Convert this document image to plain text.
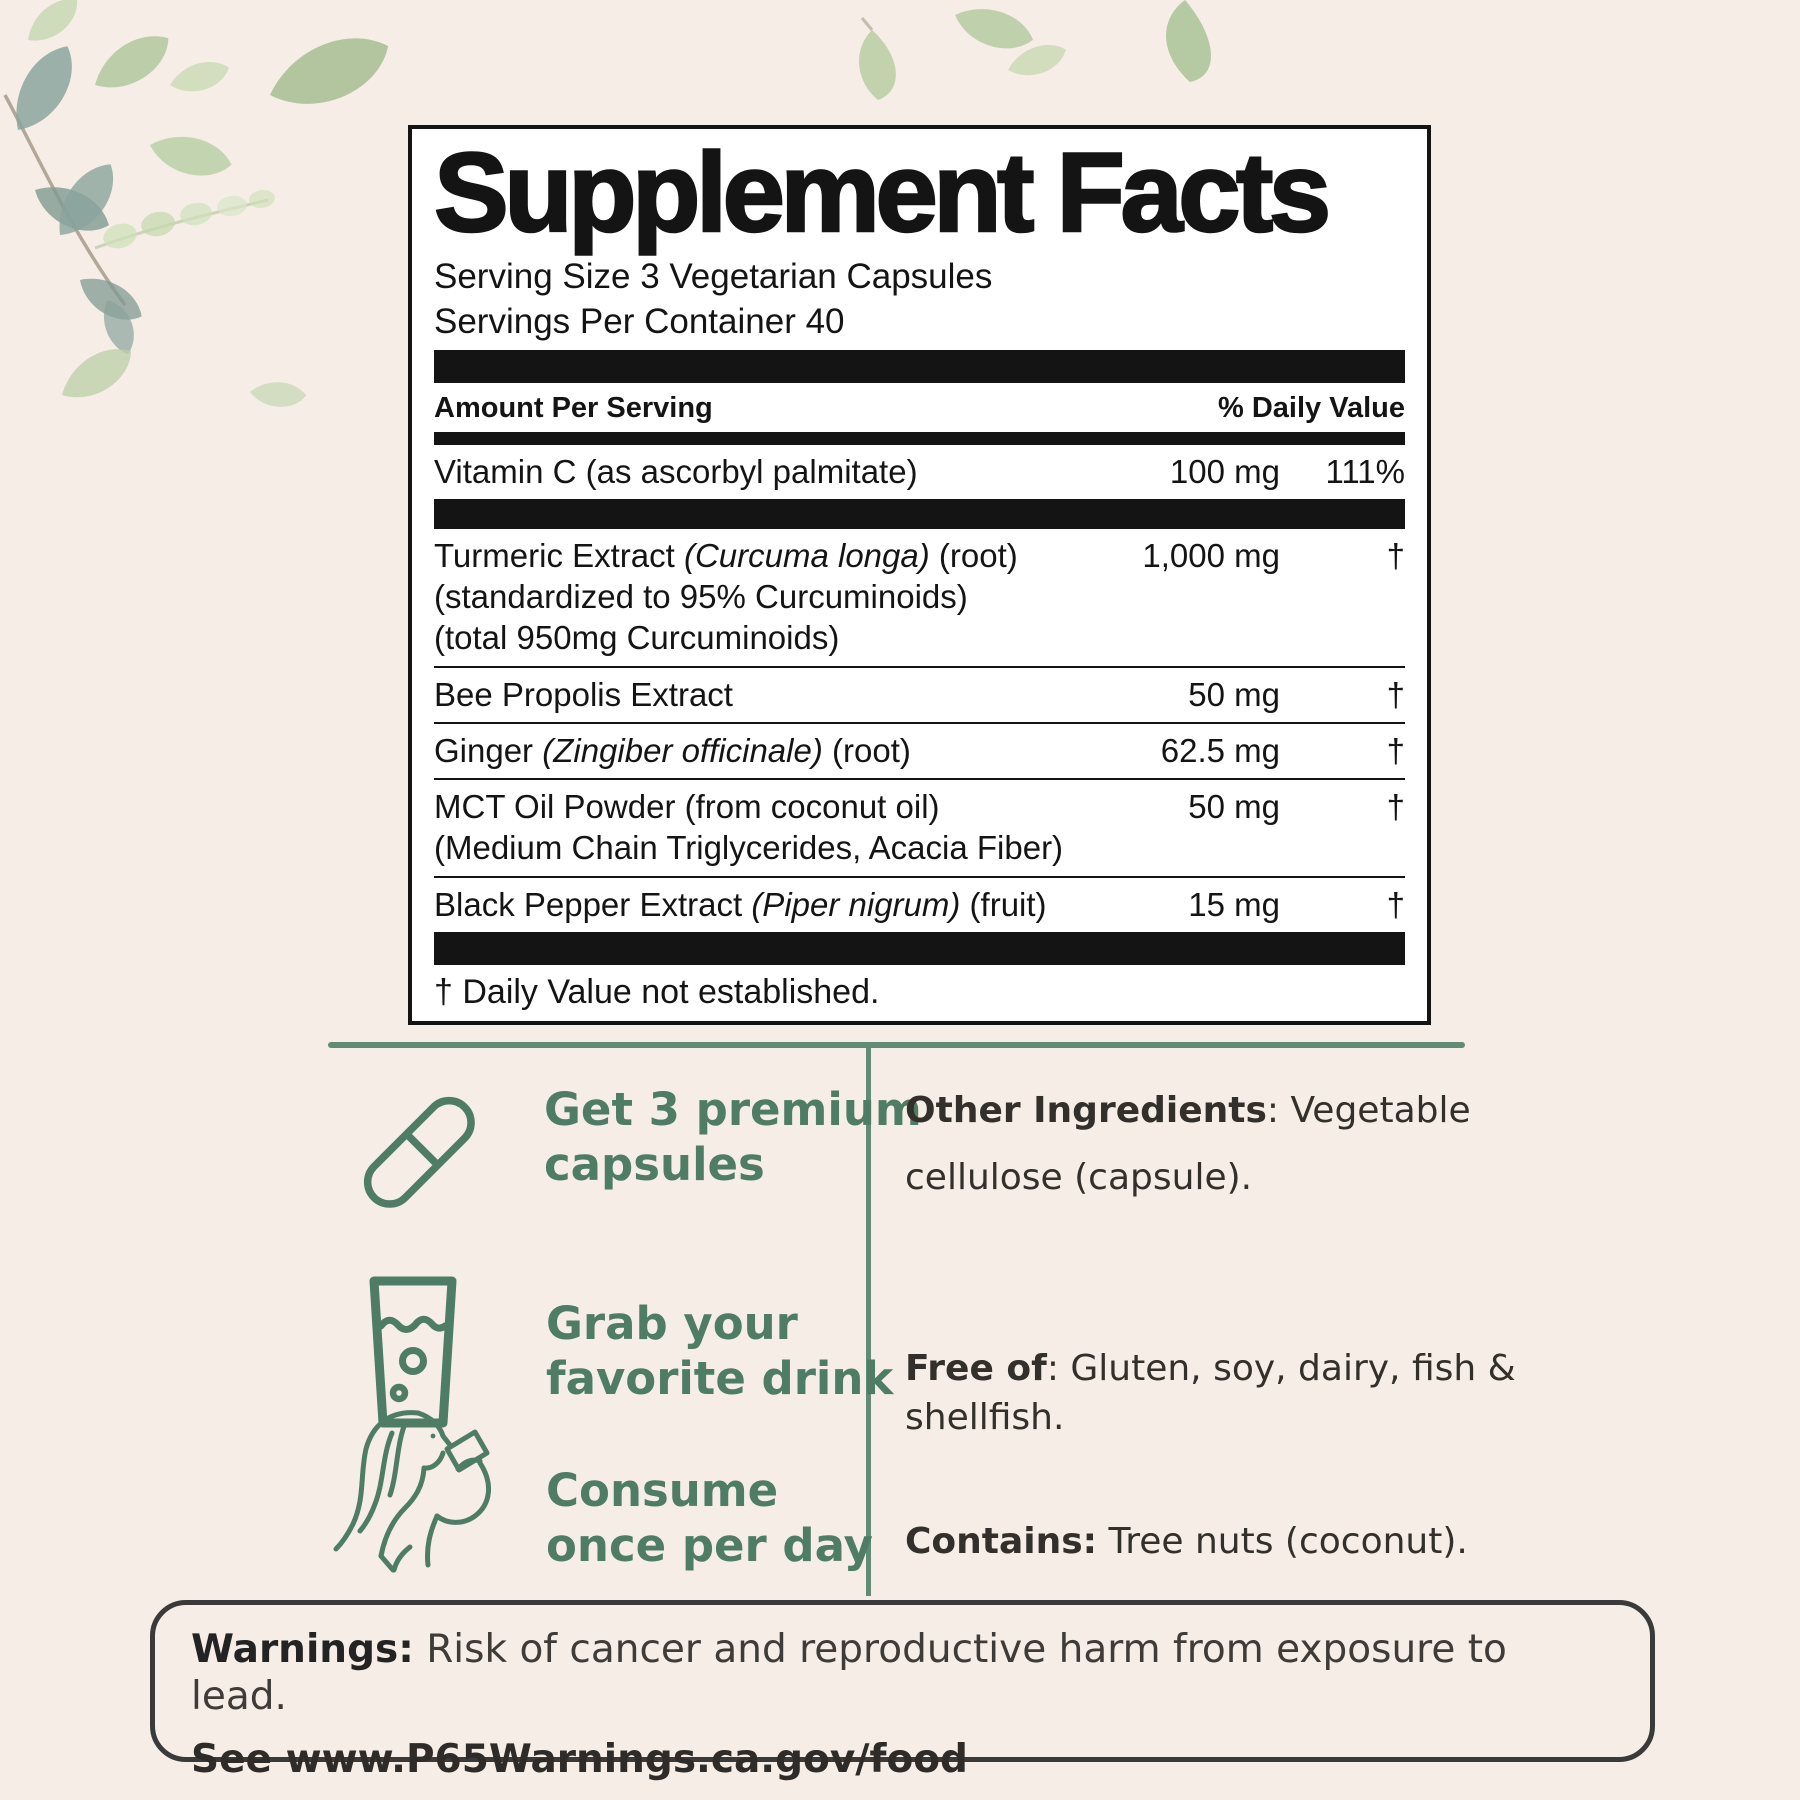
Supplement Facts
Serving Size 3 Vegetarian Capsules
Servings Per Container 40
Amount Per Serving	% Daily Value
Vitamin C (as ascorbyl palmitate)	100 mg	111%
Turmeric Extract (Curcuma longa) (root)
(standardized to 95% Curcuminoids)
(total 950mg Curcuminoids)
1,000 mg	†
Bee Propolis Extract	50 mg	†
Ginger (Zingiber officinale) (root)	62.5 mg	†
MCT Oil Powder (from coconut oil)
(Medium Chain Triglycerides, Acacia Fiber)
50 mg	†
Black Pepper Extract (Piper nigrum) (fruit)	15 mg	†
† Daily Value not established.
Get 3 premium
capsules
Grab your
favorite drink
Consume
once per day

Other Ingredients: Vegetable cellulose (capsule).

Free of: Gluten, soy, dairy, fish & shellfish.

Contains: Tree nuts (coconut).

Warnings: Risk of cancer and reproductive harm from exposure to lead.
See www.P65Warnings.ca.gov/food
